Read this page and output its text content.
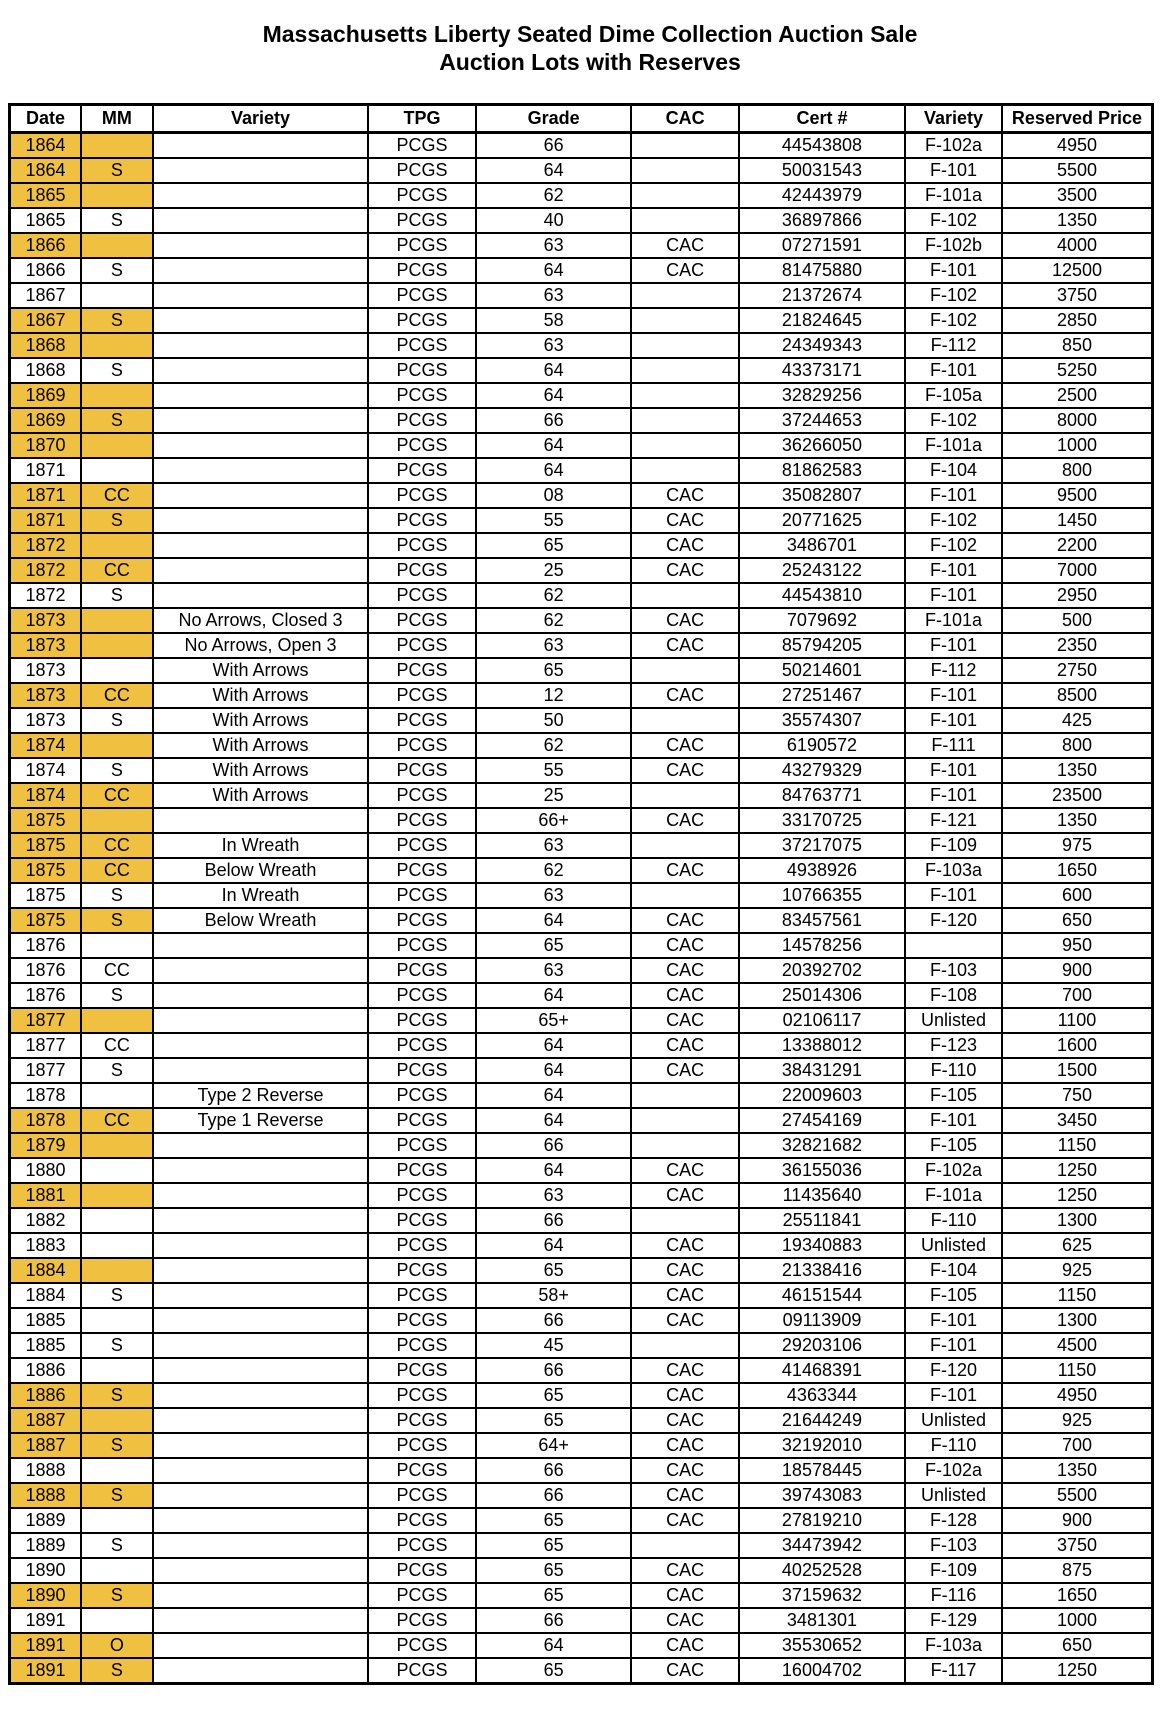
Massachusetts Liberty Seated Dime Collection Auction Sale
Auction Lots with Reserves
Date	MM	Variety	TPG	Grade	CAC	Cert #	Variety	Reserved Price
1864			PCGS	66		44543808	F-102a	4950
1864	S		PCGS	64		50031543	F-101	5500
1865			PCGS	62		42443979	F-101a	3500
1865	S		PCGS	40		36897866	F-102	1350
1866			PCGS	63	CAC	07271591	F-102b	4000
1866	S		PCGS	64	CAC	81475880	F-101	12500
1867			PCGS	63		21372674	F-102	3750
1867	S		PCGS	58		21824645	F-102	2850
1868			PCGS	63		24349343	F-112	850
1868	S		PCGS	64		43373171	F-101	5250
1869			PCGS	64		32829256	F-105a	2500
1869	S		PCGS	66		37244653	F-102	8000
1870			PCGS	64		36266050	F-101a	1000
1871			PCGS	64		81862583	F-104	800
1871	CC		PCGS	08	CAC	35082807	F-101	9500
1871	S		PCGS	55	CAC	20771625	F-102	1450
1872			PCGS	65	CAC	3486701	F-102	2200
1872	CC		PCGS	25	CAC	25243122	F-101	7000
1872	S		PCGS	62		44543810	F-101	2950
1873		No Arrows, Closed 3	PCGS	62	CAC	7079692	F-101a	500
1873		No Arrows, Open 3	PCGS	63	CAC	85794205	F-101	2350
1873		With Arrows	PCGS	65		50214601	F-112	2750
1873	CC	With Arrows	PCGS	12	CAC	27251467	F-101	8500
1873	S	With Arrows	PCGS	50		35574307	F-101	425
1874		With Arrows	PCGS	62	CAC	6190572	F-111	800
1874	S	With Arrows	PCGS	55	CAC	43279329	F-101	1350
1874	CC	With Arrows	PCGS	25		84763771	F-101	23500
1875			PCGS	66+	CAC	33170725	F-121	1350
1875	CC	In Wreath	PCGS	63		37217075	F-109	975
1875	CC	Below Wreath	PCGS	62	CAC	4938926	F-103a	1650
1875	S	In Wreath	PCGS	63		10766355	F-101	600
1875	S	Below Wreath	PCGS	64	CAC	83457561	F-120	650
1876			PCGS	65	CAC	14578256		950
1876	CC		PCGS	63	CAC	20392702	F-103	900
1876	S		PCGS	64	CAC	25014306	F-108	700
1877			PCGS	65+	CAC	02106117	Unlisted	1100
1877	CC		PCGS	64	CAC	13388012	F-123	1600
1877	S		PCGS	64	CAC	38431291	F-110	1500
1878		Type 2 Reverse	PCGS	64		22009603	F-105	750
1878	CC	Type 1 Reverse	PCGS	64		27454169	F-101	3450
1879			PCGS	66		32821682	F-105	1150
1880			PCGS	64	CAC	36155036	F-102a	1250
1881			PCGS	63	CAC	11435640	F-101a	1250
1882			PCGS	66		25511841	F-110	1300
1883			PCGS	64	CAC	19340883	Unlisted	625
1884			PCGS	65	CAC	21338416	F-104	925
1884	S		PCGS	58+	CAC	46151544	F-105	1150
1885			PCGS	66	CAC	09113909	F-101	1300
1885	S		PCGS	45		29203106	F-101	4500
1886			PCGS	66	CAC	41468391	F-120	1150
1886	S		PCGS	65	CAC	4363344	F-101	4950
1887			PCGS	65	CAC	21644249	Unlisted	925
1887	S		PCGS	64+	CAC	32192010	F-110	700
1888			PCGS	66	CAC	18578445	F-102a	1350
1888	S		PCGS	66	CAC	39743083	Unlisted	5500
1889			PCGS	65	CAC	27819210	F-128	900
1889	S		PCGS	65		34473942	F-103	3750
1890			PCGS	65	CAC	40252528	F-109	875
1890	S		PCGS	65	CAC	37159632	F-116	1650
1891			PCGS	66	CAC	3481301	F-129	1000
1891	O		PCGS	64	CAC	35530652	F-103a	650
1891	S		PCGS	65	CAC	16004702	F-117	1250
